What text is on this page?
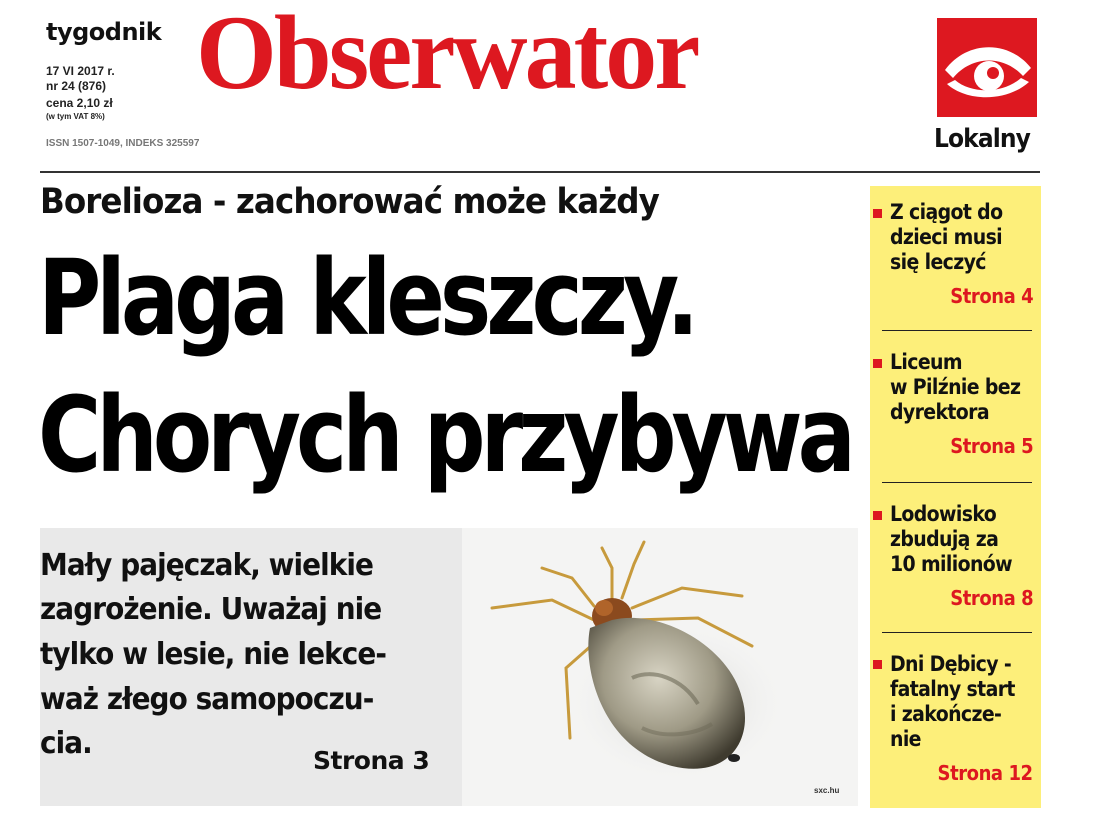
tygodnik
17 VI 2017 r.
nr 24 (876)
cena 2,10 zł
(w tym VAT 8%)
ISSN 1507-1049, INDEKS 325597
Obserwator
Lokalny
Borelioza - zachorować może każdy
Plaga kleszczy.
Chorych przybywa
Mały pajęczak, wielkie
zagrożenie. Uważaj nie
tylko w lesie, nie lekce-
waż złego samopoczu-
cia.	Strona 3
sxc.hu
Z ciągot do
dzieci musi
się leczyć
Strona 4
Liceum
w Pilźnie bez
dyrektora
Strona 5
Lodowisko
zbudują za
10 milionów
Strona 8
Dni Dębicy -
fatalny start
i zakończe-
nie
Strona 12
